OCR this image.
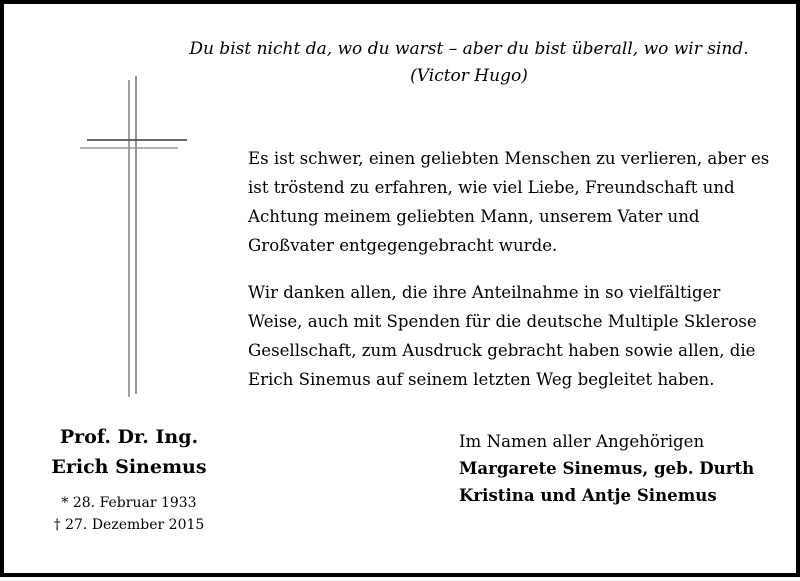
Du bist nicht da, wo du warst – aber du bist überall, wo wir sind.
(Victor Hugo)
Es ist schwer, einen geliebten Menschen zu verlieren, aber es
ist tröstend zu erfahren, wie viel Liebe, Freundschaft und
Achtung meinem geliebten Mann, unserem Vater und
Großvater entgegengebracht wurde.
Wir danken allen, die ihre Anteilnahme in so vielfältiger
Weise, auch mit Spenden für die deutsche Multiple Sklerose
Gesellschaft, zum Ausdruck gebracht haben sowie allen, die
Erich Sinemus auf seinem letzten Weg begleitet haben.
Prof. Dr. Ing.
Erich Sinemus
* 28. Februar 1933
† 27. Dezember 2015
Im Namen aller Angehörigen
Margarete Sinemus, geb. Durth
Kristina und Antje Sinemus
